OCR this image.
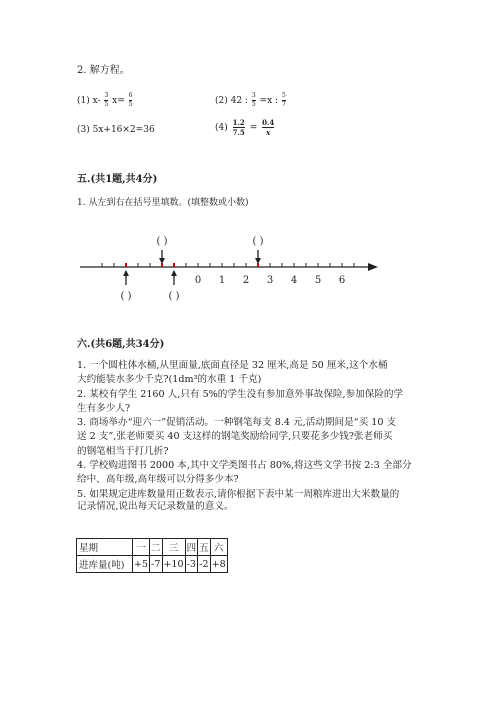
2. 解方程。
(1) $x- \frac{3}{5} x= \frac{6}{5}$	(2) 42 : $\frac{3}{5} =x$ : $\frac{5}{7}$
(3) 5x+16×2=36	$(4) \frac{1.2}{7.5} = \frac{0.4}{x}$
五.(共1题,共4分)
1. 从左到右在括号里填数。(填整数或小数)
0 1 2 3 4 5 6
( )	( )
( )	( )
六.(共6题,共34分)
1. 一个圆柱体水桶,从里面量,底面直径是 32 厘米,高是 50 厘米,这个水桶
大约能装水多少千克?(1dm³的水重 1 千克)
2. 某校有学生 2160 人,只有 5%的学生没有参加意外事故保险,参加保险的学
生有多少人?
3. 商场举办“迎六一”促销活动。一种钢笔每支 8.4 元,活动期间是“买 10 支
送 2 支”,张老师要买 40 支这样的钢笔奖励给同学,只要花多少钱?张老师买
的钢笔相当于打几折?
4. 学校购进图书 2000 本,其中文学类图书占 80%,将这些文学书按 2:3 全部分
给中、高年级,高年级可以分得多少本?
5. 如果规定进库数量用正数表示,请你根据下表中某一周粮库进出大米数量的
记录情况,说出每天记录数量的意义。
星期	一	二	三	四	五	六
进库量(吨)	+5	-7	+10	-3	-2	+8
